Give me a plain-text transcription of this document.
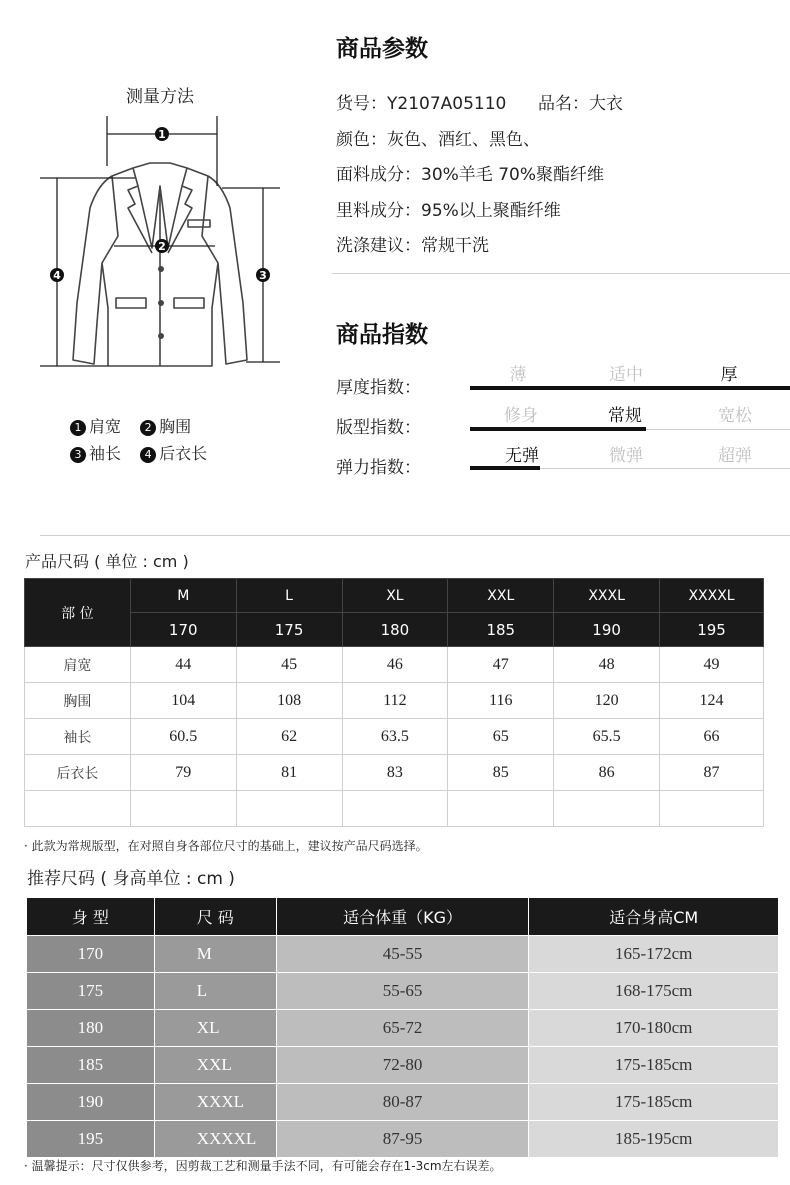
测量方法
1
2
3
4
1 肩宽 2 胸围
3 袖长 4 后衣长
商品参数
货号：Y2107A05110 品名：大衣
颜色：灰色、酒红、黑色、
面料成分：30%羊毛 70%聚酯纤维
里料成分：95%以上聚酯纤维
洗涤建议：常规干洗
商品指数
厚度指数：
薄	适中	厚
版型指数：
修身	常规	宽松
弹力指数：
无弹	微弹	超弹
产品尺码 ( 单位 : cm )
部 位	M	L	XL	XXL	XXXL	XXXXL
	170	175	180	185	190	195
肩宽	44	45	46	47	48	49
胸围	104	108	112	116	120	124
袖长	60.5	62	63.5	65	65.5	66
后衣长	79	81	83	85	86	87

· 此款为常规版型，在对照自身各部位尺寸的基础上，建议按产品尺码选择。
推荐尺码 ( 身高单位 : cm )
身 型	尺 码	适合体重（KG）	适合身高CM
170	M	45-55	165-172cm
175	L	55-65	168-175cm
180	XL	65-72	170-180cm
185	XXL	72-80	175-185cm
190	XXXL	80-87	175-185cm
195	XXXXL	87-95	185-195cm
· 温馨提示：尺寸仅供参考，因剪裁工艺和测量手法不同，有可能会存在1-3cm左右误差。
